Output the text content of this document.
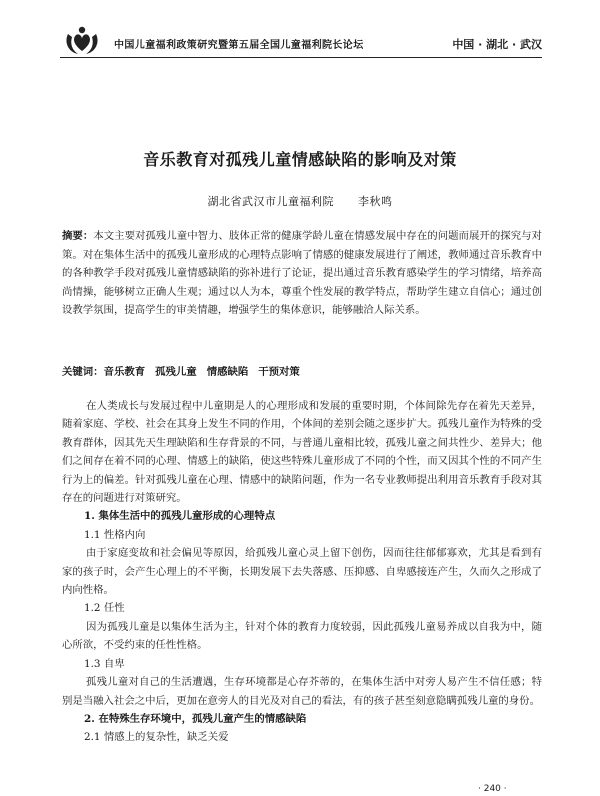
中国儿童福利政策研究暨第五届全国儿童福利院长论坛	中国 · 湖北 · 武汉
音乐教育对孤残儿童情感缺陷的影响及对策
湖北省武汉市儿童福利院 李秋鸣
摘要：本文主要对孤残儿童中智力、肢体正常的健康学龄儿童在情感发展中存在的问题而展开的探究与对策。对在集体生活中的孤残儿童形成的心理特点影响了情感的健康发展进行了阐述，教师通过音乐教育中的各种教学手段对孤残儿童情感缺陷的弥补进行了论证，提出通过音乐教育感染学生的学习情绪，培养高尚情操，能够树立正确人生观；通过以人为本，尊重个性发展的教学特点，帮助学生建立自信心；通过创设教学氛围，提高学生的审美情趣，增强学生的集体意识，能够融洽人际关系。
关键词：音乐教育 孤残儿童 情感缺陷 干预对策

在人类成长与发展过程中儿童期是人的心理形成和发展的重要时期，个体间除先存在着先天差异，随着家庭、学校、社会在其身上发生不同的作用，个体间的差别会随之逐步扩大。孤残儿童作为特殊的受教育群体，因其先天生理缺陷和生存背景的不同，与普通儿童相比较，孤残儿童之间共性少、差异大；他们之间存在着不同的心理、情感上的缺陷，使这些特殊儿童形成了不同的个性，而又因其个性的不同产生行为上的偏差。针对孤残儿童在心理、情感中的缺陷问题，作为一名专业教师提出利用音乐教育手段对其存在的问题进行对策研究。

1. 集体生活中的孤残儿童形成的心理特点

1.1 性格内向

由于家庭变故和社会偏见等原因，给孤残儿童心灵上留下创伤，因而往往郁郁寡欢，尤其是看到有家的孩子时，会产生心理上的不平衡，长期发展下去失落感、压抑感、自卑感接连产生，久而久之形成了内向性格。

1.2 任性

因为孤残儿童是以集体生活为主，针对个体的教育力度较弱，因此孤残儿童易养成以自我为中，随心所欲，不受约束的任性性格。

1.3 自卑

孤残儿童对自己的生活遭遇，生存环境都是心存芥蒂的，在集体生活中对旁人易产生不信任感；特别是当融入社会之中后，更加在意旁人的目光及对自己的看法，有的孩子甚至刻意隐瞒孤残儿童的身份。

2. 在特殊生存环境中，孤残儿童产生的情感缺陷

2.1 情感上的复杂性，缺乏关爱

· 240 ·
